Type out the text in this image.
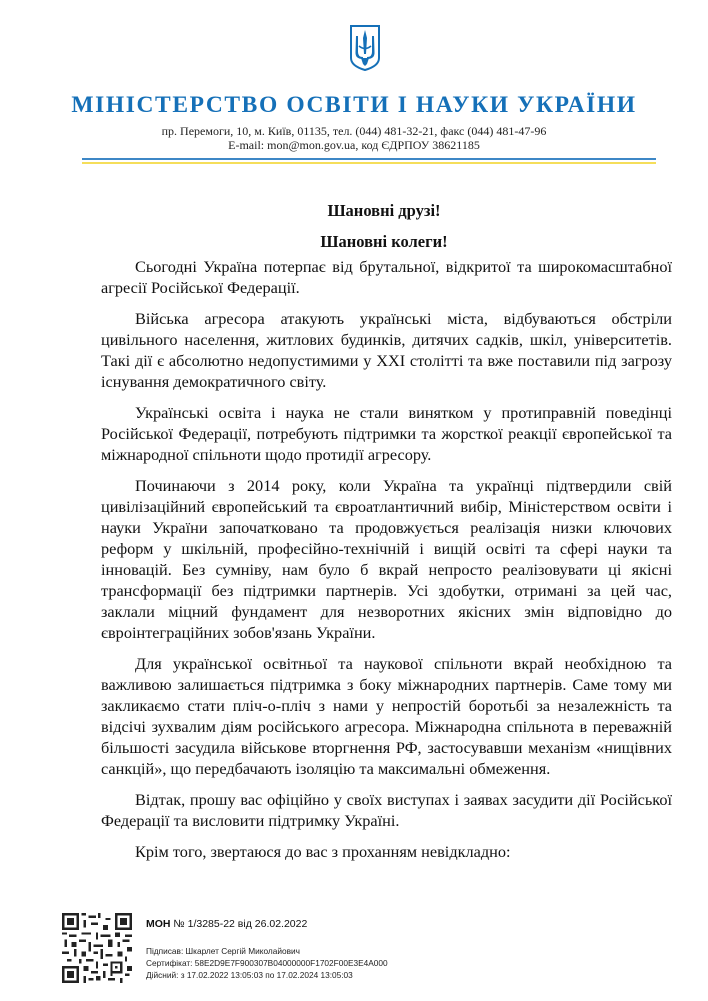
МІНІСТЕРСТВО ОСВІТИ І НАУКИ УКРАЇНИ
пр. Перемоги, 10, м. Київ, 01135, тел. (044) 481-32-21, факс (044) 481-47-96
E-mail: mon@mon.gov.ua, код ЄДРПОУ 38621185
Шановні друзі!
Шановні колеги!

Сьогодні Україна потерпає від брутальної, відкритої та широкомасштабної агресії Російської Федерації.

Війська агресора атакують українські міста, відбуваються обстріли цивільного населення, житлових будинків, дитячих садків, шкіл, університетів. Такі дії є абсолютно недопустимими у XXI столітті та вже поставили під загрозу існування демократичного світу.

Українські освіта і наука не стали винятком у протиправній поведінці Російської Федерації, потребують підтримки та жорсткої реакції європейської та міжнародної спільноти щодо протидії агресору.

Починаючи з 2014 року, коли Україна та українці підтвердили свій цивілізаційний європейський та євроатлантичний вибір, Міністерством освіти і науки України започатковано та продовжується реалізація низки ключових реформ у шкільній, професійно-технічній і вищій освіті та сфері науки та інновацій. Без сумніву, нам було б вкрай непросто реалізовувати ці якісні трансформації без підтримки партнерів. Усі здобутки, отримані за цей час, заклали міцний фундамент для незворотних якісних змін відповідно до євроінтеграційних зобов'язань України.

Для української освітньої та наукової спільноти вкрай необхідною та важливою залишається підтримка з боку міжнародних партнерів. Саме тому ми закликаємо стати пліч-о-пліч з нами у непростій боротьбі за незалежність та відсічі зухвалим діям російського агресора. Міжнародна спільнота в переважній більшості засудила військове вторгнення РФ, застосувавши механізм «нищівних санкцій», що передбачають ізоляцію та максимальні обмеження.

Відтак, прошу вас офіційно у своїх виступах і заявах засудити дії Російської Федерації та висловити підтримку Україні.

Крім того, звертаюся до вас з проханням невідкладно:

МОН № 1/3285-22 від 26.02.2022
Підписав: Шкарлет Сергій Миколайович
Сертифікат: 58E2D9E7F900307B04000000F1702F00E3E4A000
Дійсний: з 17.02.2022 13:05:03 по 17.02.2024 13:05:03
